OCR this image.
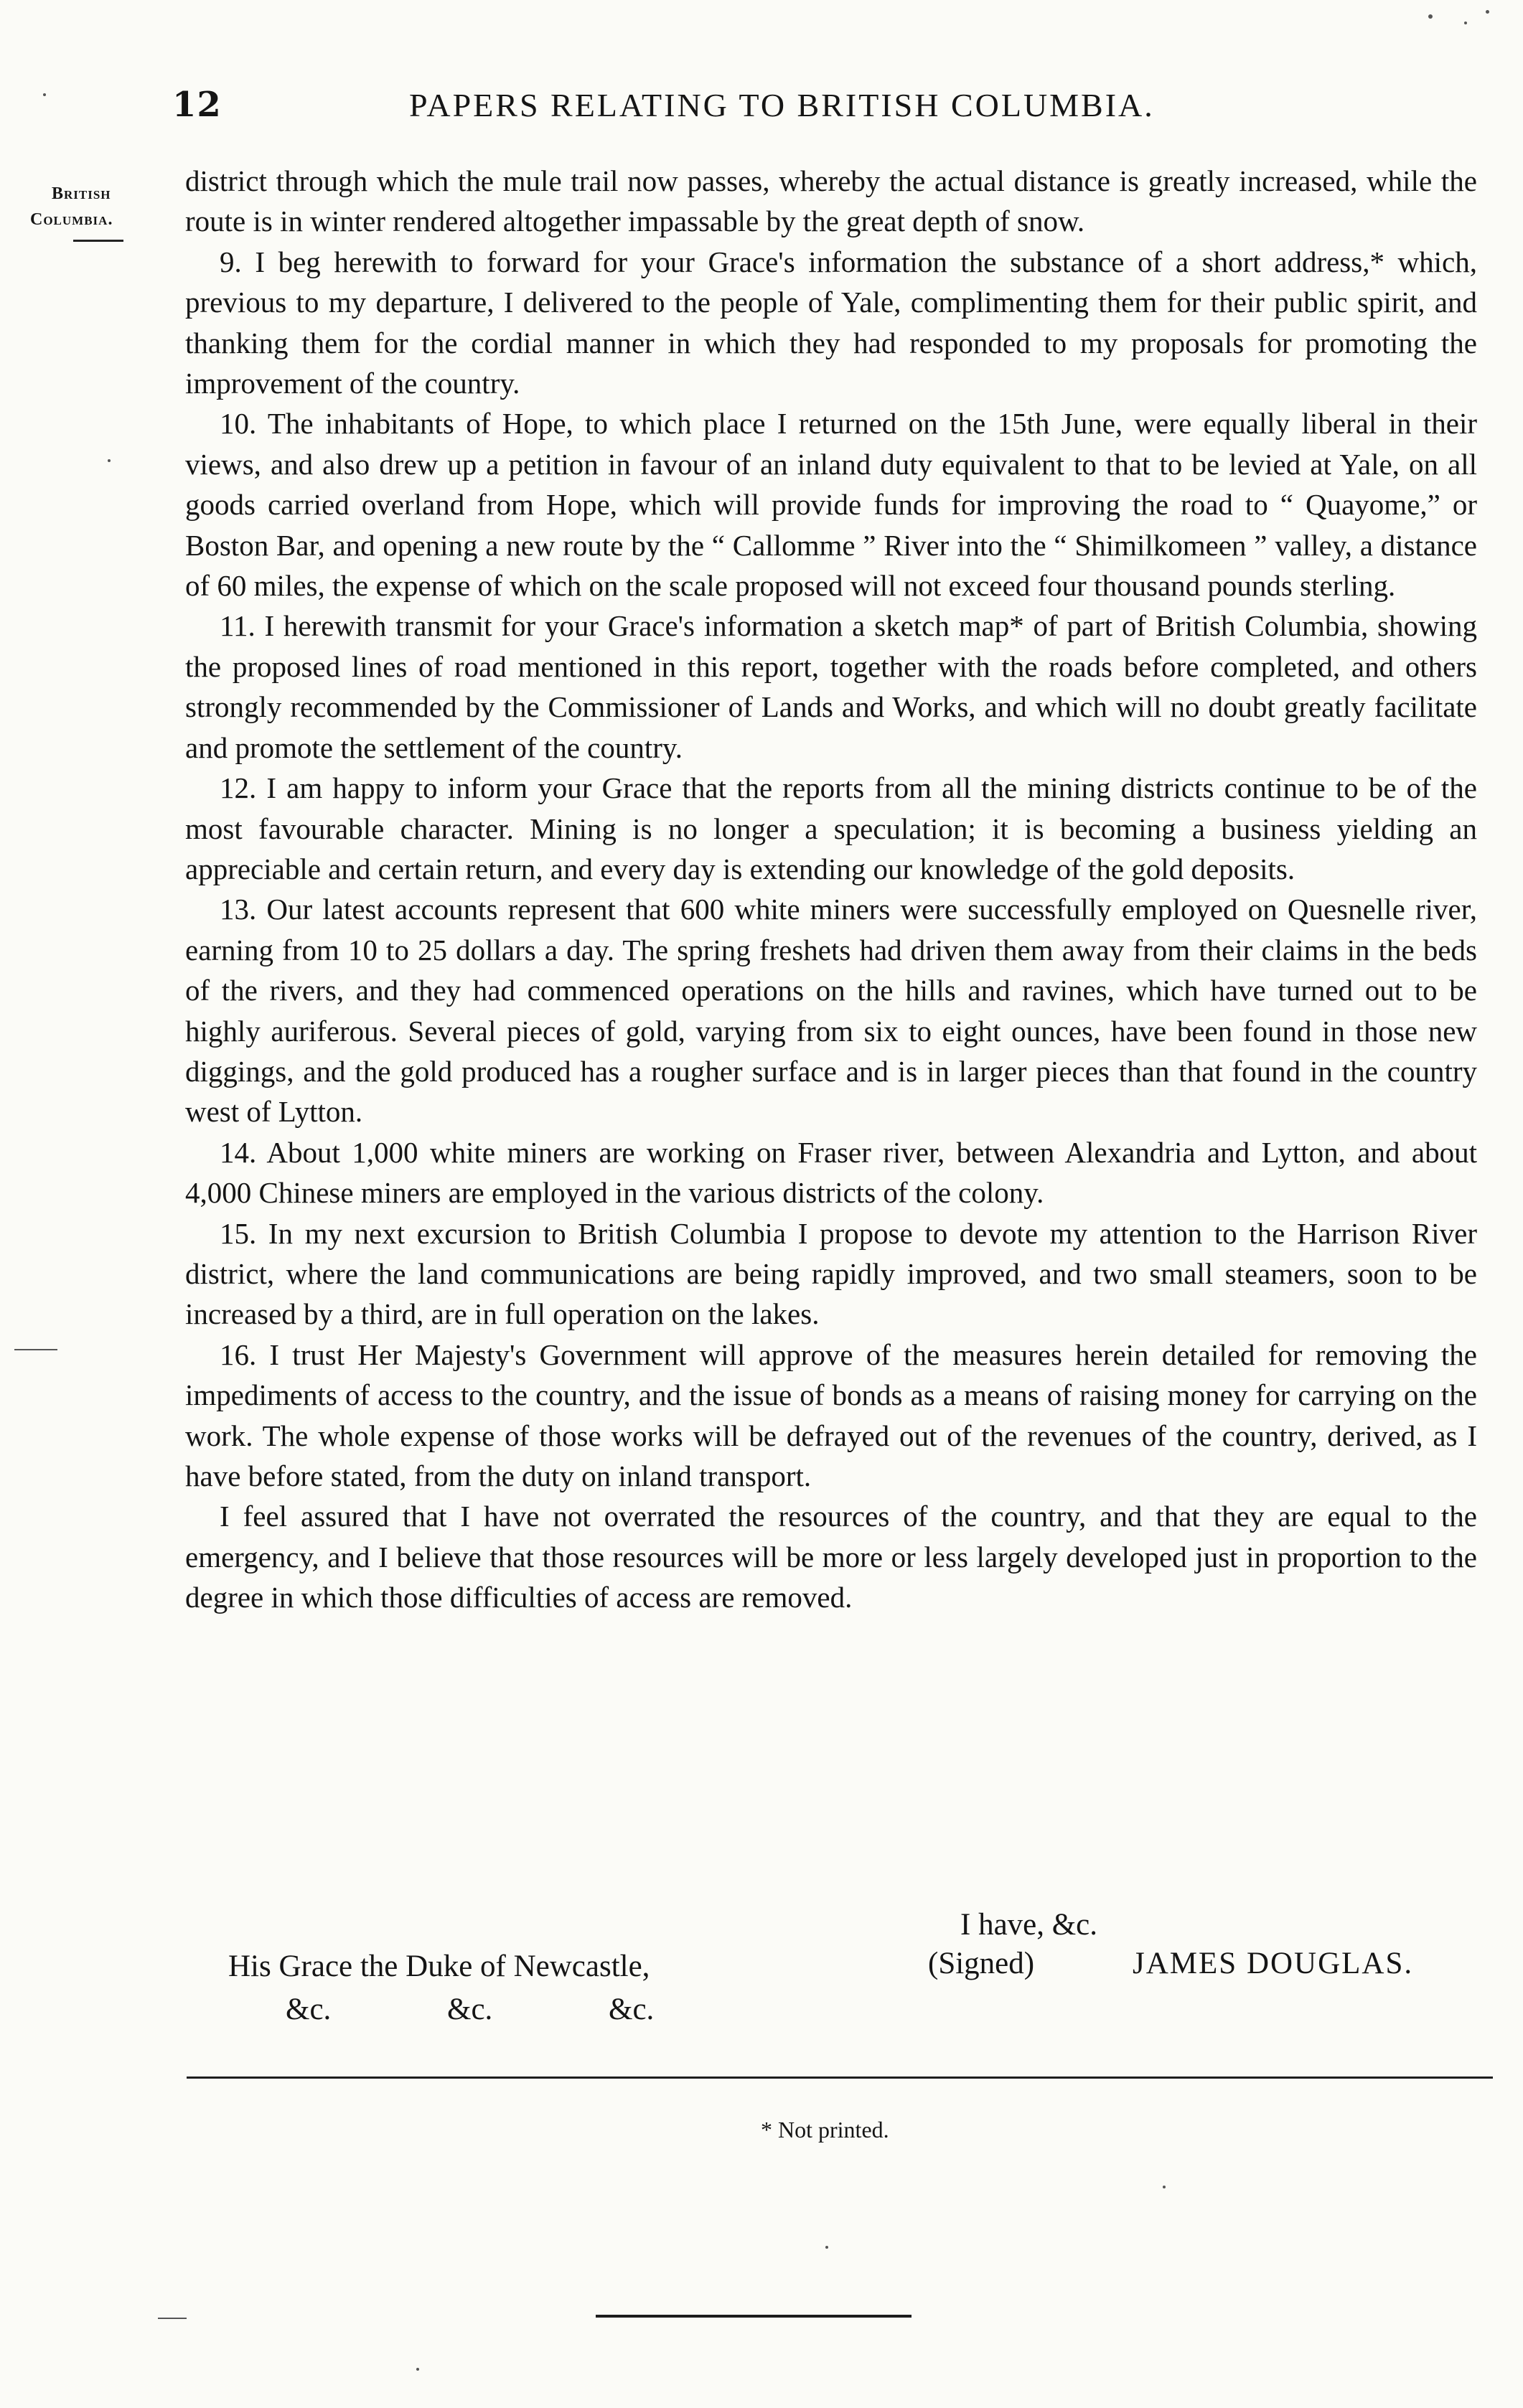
12	PAPERS RELATING TO BRITISH COLUMBIA.
British
Columbia.

district through which the mule trail now passes, whereby the actual distance is greatly increased, while the route is in winter rendered altogether impassable by the great depth of snow.

9. I beg herewith to forward for your Grace's information the substance of a short address,* which, previous to my departure, I delivered to the people of Yale, complimenting them for their public spirit, and thanking them for the cordial manner in which they had responded to my proposals for promoting the improvement of the country.

10. The inhabitants of Hope, to which place I returned on the 15th June, were equally liberal in their views, and also drew up a petition in favour of an inland duty equivalent to that to be levied at Yale, on all goods carried overland from Hope, which will provide funds for improving the road to “ Quayome,” or Boston Bar, and opening a new route by the “ Callomme ” River into the “ Shimilkomeen ” valley, a distance of 60 miles, the expense of which on the scale proposed will not exceed four thousand pounds sterling.

11. I herewith transmit for your Grace's information a sketch map* of part of British Columbia, showing the proposed lines of road mentioned in this report, together with the roads before completed, and others strongly recommended by the Commissioner of Lands and Works, and which will no doubt greatly facilitate and promote the settlement of the country.

12. I am happy to inform your Grace that the reports from all the mining districts continue to be of the most favourable character. Mining is no longer a speculation; it is becoming a business yielding an appreciable and certain return, and every day is extending our knowledge of the gold deposits.

13. Our latest accounts represent that 600 white miners were successfully employed on Quesnelle river, earning from 10 to 25 dollars a day. The spring freshets had driven them away from their claims in the beds of the rivers, and they had commenced operations on the hills and ravines, which have turned out to be highly auriferous. Several pieces of gold, varying from six to eight ounces, have been found in those new diggings, and the gold produced has a rougher surface and is in larger pieces than that found in the country west of Lytton.

14. About 1,000 white miners are working on Fraser river, between Alexandria and Lytton, and about 4,000 Chinese miners are employed in the various districts of the colony.

15. In my next excursion to British Columbia I propose to devote my attention to the Harrison River district, where the land communications are being rapidly improved, and two small steamers, soon to be increased by a third, are in full operation on the lakes.

16. I trust Her Majesty's Government will approve of the measures herein detailed for removing the impediments of access to the country, and the issue of bonds as a means of raising money for carrying on the work. The whole expense of those works will be defrayed out of the revenues of the country, derived, as I have before stated, from the duty on inland transport.

I feel assured that I have not overrated the resources of the country, and that they are equal to the emergency, and I believe that those resources will be more or less largely developed just in proportion to the degree in which those difficulties of access are removed.

I have, &c.
His Grace the Duke of Newcastle,	(Signed)	JAMES DOUGLAS.
&c.	&c.	&c.
* Not printed.
